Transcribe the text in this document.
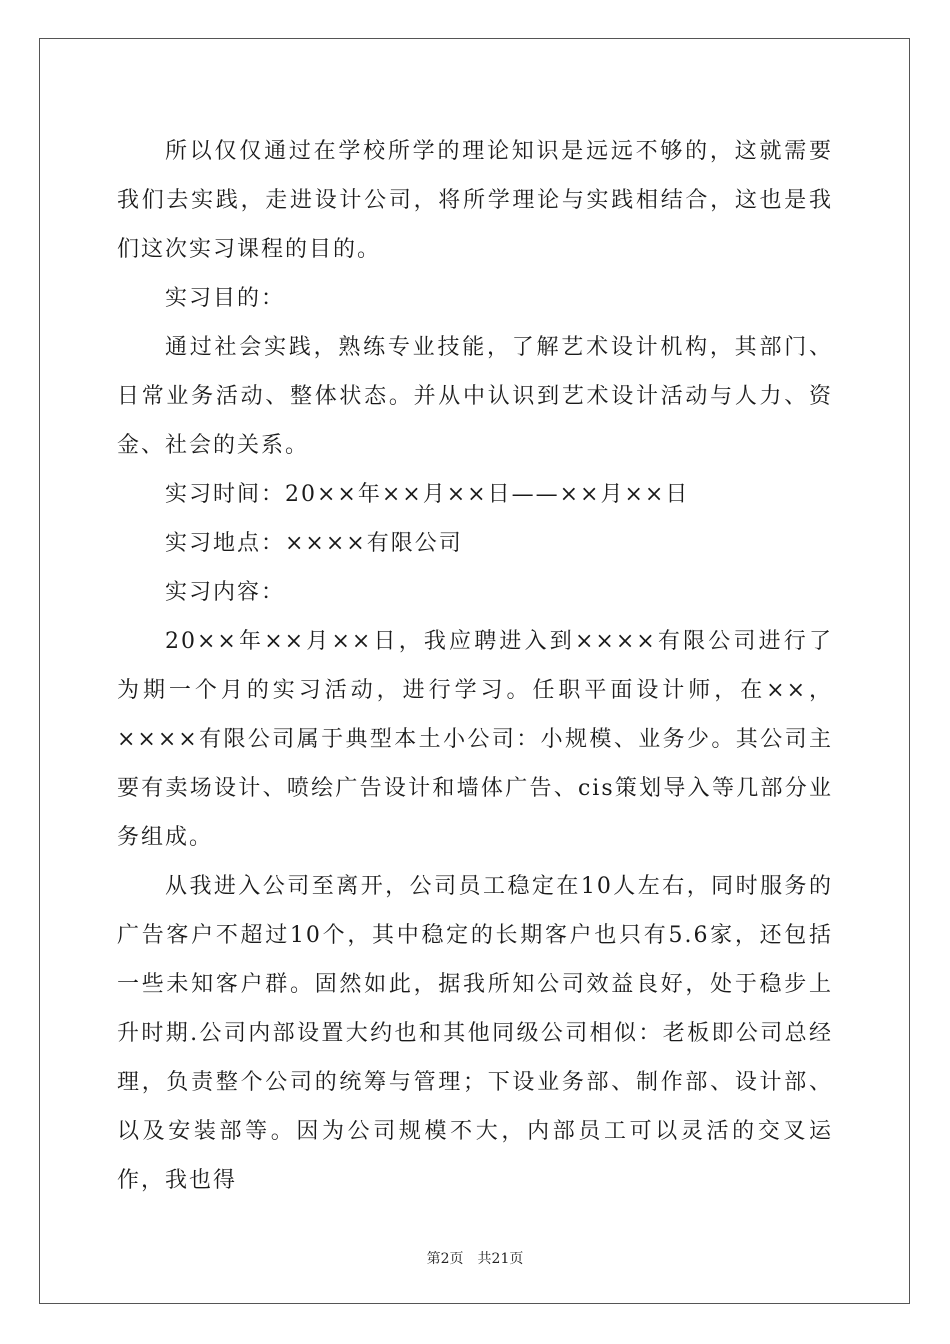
所以仅仅通过在学校所学的理论知识是远远不够的，这就需要我们去实践，走进设计公司，将所学理论与实践相结合，这也是我们这次实习课程的目的。

实习目的：

通过社会实践，熟练专业技能，了解艺术设计机构，其部门、日常业务活动、整体状态。并从中认识到艺术设计活动与人力、资金、社会的关系。

实习时间：20××年××月××日——××月××日

实习地点：××××有限公司

实习内容：

20××年××月××日，我应聘进入到××××有限公司进行了为期一个月的实习活动，进行学习。任职平面设计师，在××，××××有限公司属于典型本土小公司：小规模、业务少。其公司主要有卖场设计、喷绘广告设计和墙体广告、cis策划导入等几部分业务组成。

从我进入公司至离开，公司员工稳定在10人左右，同时服务的广告客户不超过10个，其中稳定的长期客户也只有5.6家，还包括一些未知客户群。固然如此，据我所知公司效益良好，处于稳步上升时期.公司内部设置大约也和其他同级公司相似：老板即公司总经理，负责整个公司的统筹与管理；下设业务部、制作部、设计部、以及安装部等。因为公司规模不大，内部员工可以灵活的交叉运作，我也得

第2页　共21页
